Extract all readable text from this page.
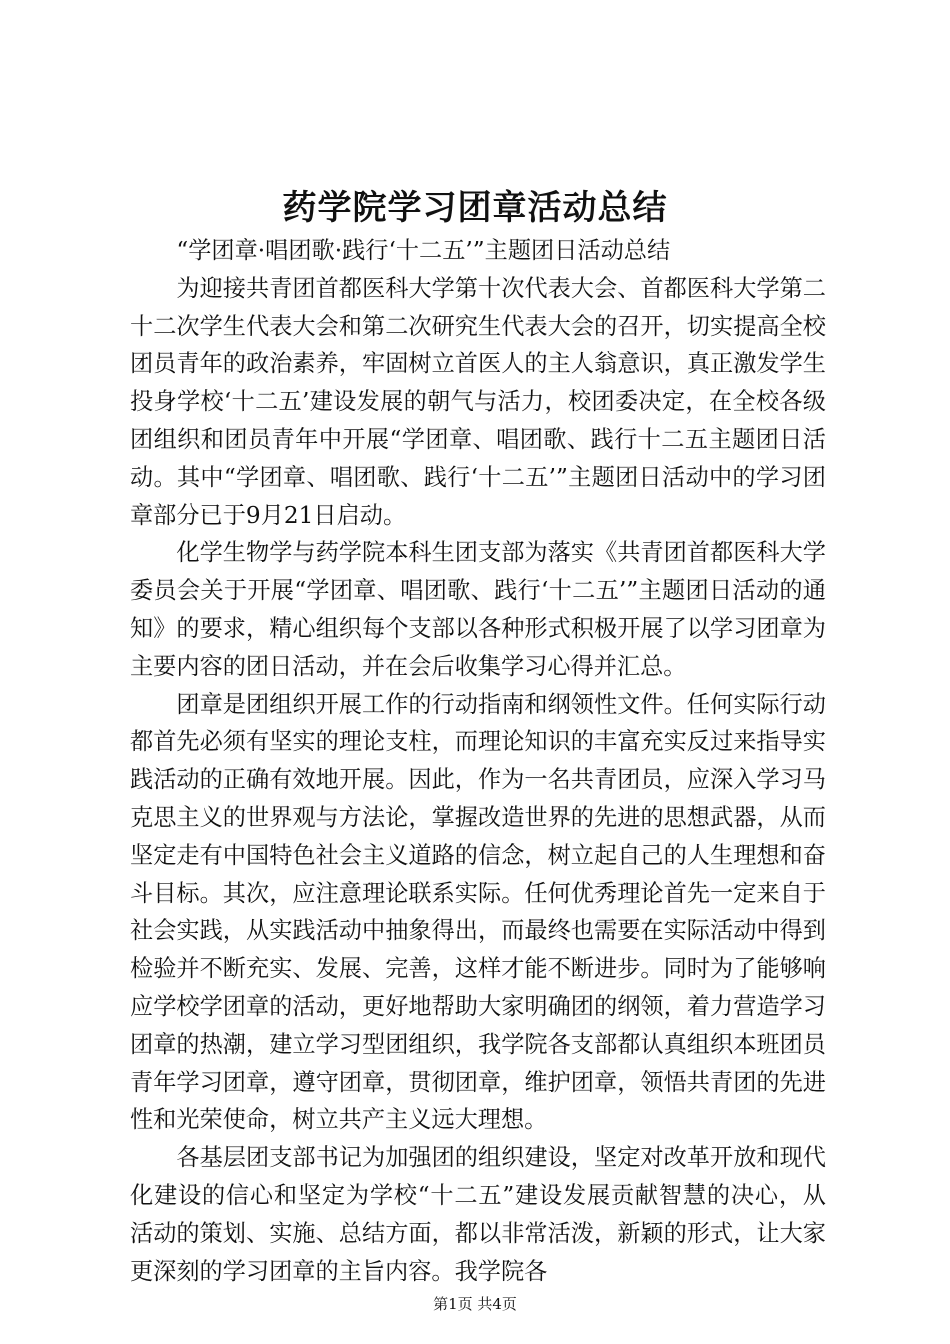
药学院学习团章活动总结

“学团章·唱团歌·践行‘十二五’”主题团日活动总结

为迎接共青团首都医科大学第十次代表大会、首都医科大学第二十二次学生代表大会和第二次研究生代表大会的召开，切实提高全校团员青年的政治素养，牢固树立首医人的主人翁意识，真正激发学生投身学校‘十二五’建设发展的朝气与活力，校团委决定，在全校各级团组织和团员青年中开展“学团章、唱团歌、践行十二五主题团日活动。其中“学团章、唱团歌、践行‘十二五’”主题团日活动中的学习团章部分已于9月21日启动。

化学生物学与药学院本科生团支部为落实《共青团首都医科大学委员会关于开展“学团章、唱团歌、践行‘十二五’”主题团日活动的通知》的要求，精心组织每个支部以各种形式积极开展了以学习团章为主要内容的团日活动，并在会后收集学习心得并汇总。

团章是团组织开展工作的行动指南和纲领性文件。任何实际行动都首先必须有坚实的理论支柱，而理论知识的丰富充实反过来指导实践活动的正确有效地开展。因此，作为一名共青团员，应深入学习马克思主义的世界观与方法论，掌握改造世界的先进的思想武器，从而坚定走有中国特色社会主义道路的信念，树立起自己的人生理想和奋斗目标。其次，应注意理论联系实际。任何优秀理论首先一定来自于社会实践，从实践活动中抽象得出，而最终也需要在实际活动中得到检验并不断充实、发展、完善，这样才能不断进步。同时为了能够响应学校学团章的活动，更好地帮助大家明确团的纲领，着力营造学习团章的热潮，建立学习型团组织，我学院各支部都认真组织本班团员青年学习团章，遵守团章，贯彻团章，维护团章，领悟共青团的先进性和光荣使命，树立共产主义远大理想。

各基层团支部书记为加强团的组织建设，坚定对改革开放和现代化建设的信心和坚定为学校“十二五”建设发展贡献智慧的决心，从活动的策划、实施、总结方面，都以非常活泼，新颖的形式，让大家更深刻的学习团章的主旨内容。我学院各

第1页 共4页
